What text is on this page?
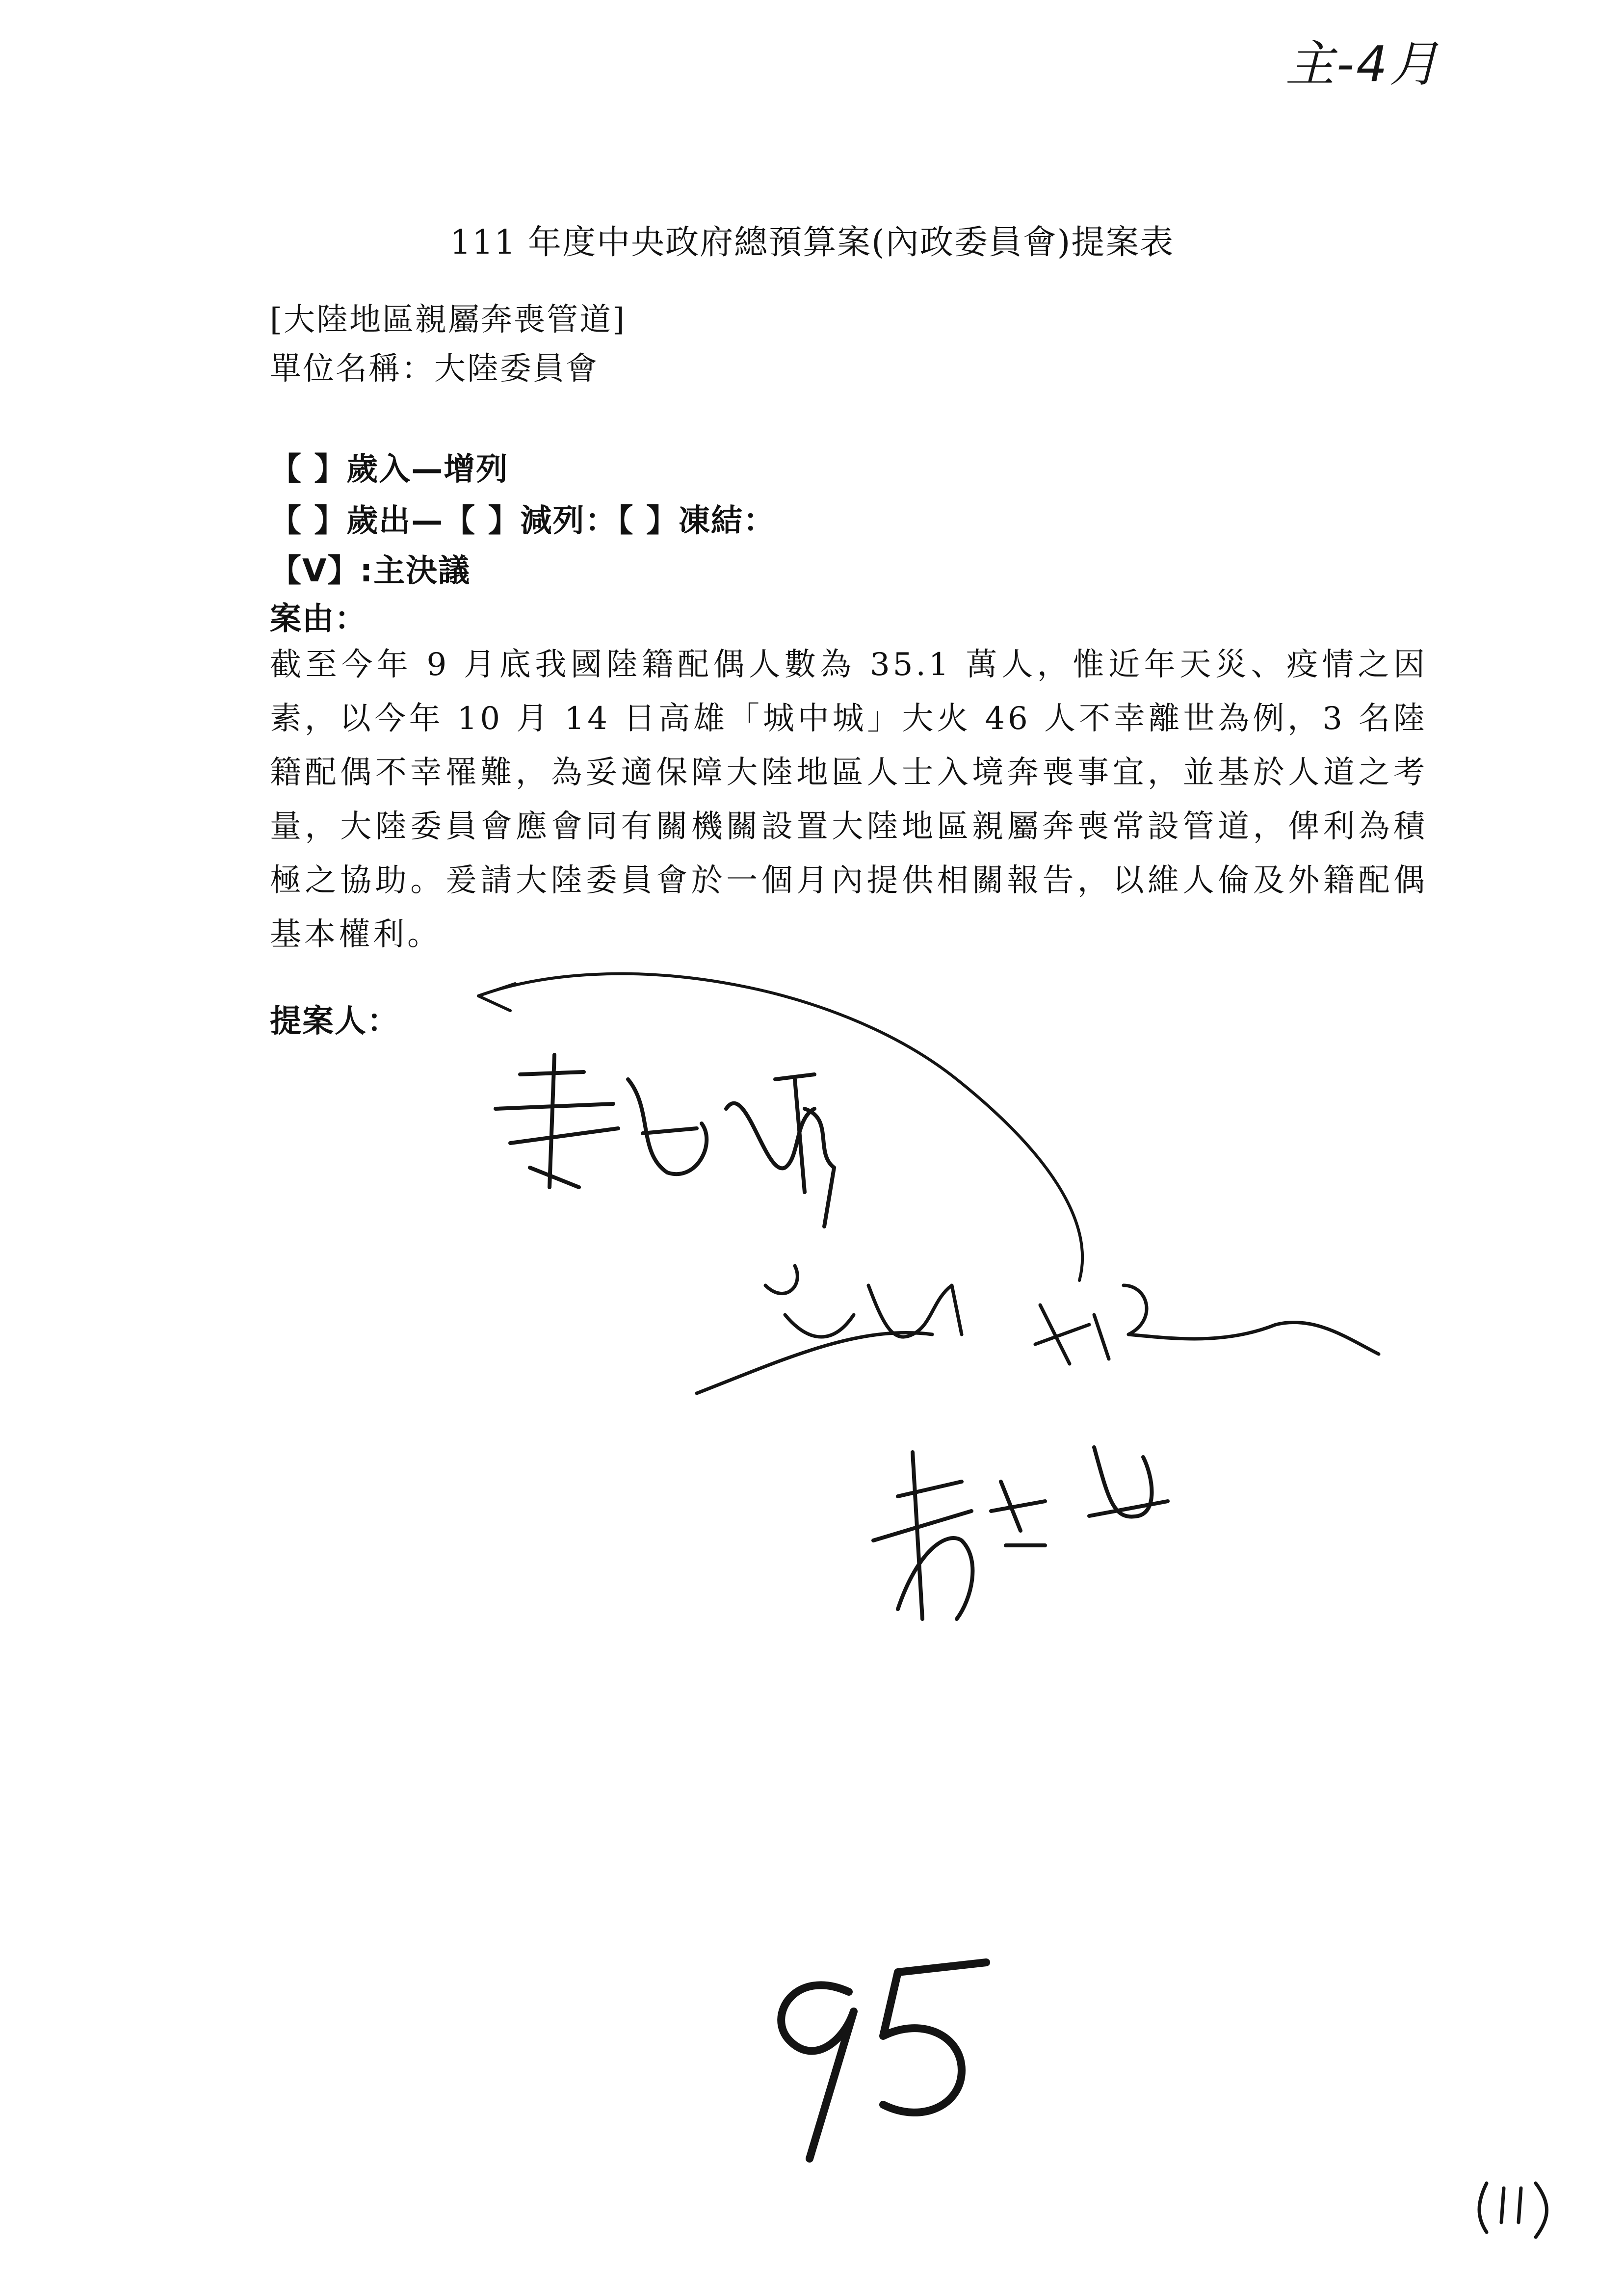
主-4月
111 年度中央政府總預算案(內政委員會)提案表
[大陸地區親屬奔喪管道]
單位名稱：大陸委員會
【 】歲入—增列
【 】歲出—【 】減列：【 】凍結：
【V】:主決議
案由：
截至今年 9 月底我國陸籍配偶人數為 35.1 萬人，惟近年天災、疫情之因素，以今年 10 月 14 日高雄「城中城」大火 46 人不幸離世為例，3 名陸籍配偶不幸罹難，為妥適保障大陸地區人士入境奔喪事宜，並基於人道之考量，大陸委員會應會同有關機關設置大陸地區親屬奔喪常設管道，俾利為積極之協助。爰請大陸委員會於一個月內提供相關報告，以維人倫及外籍配偶基本權利。
提案人：
